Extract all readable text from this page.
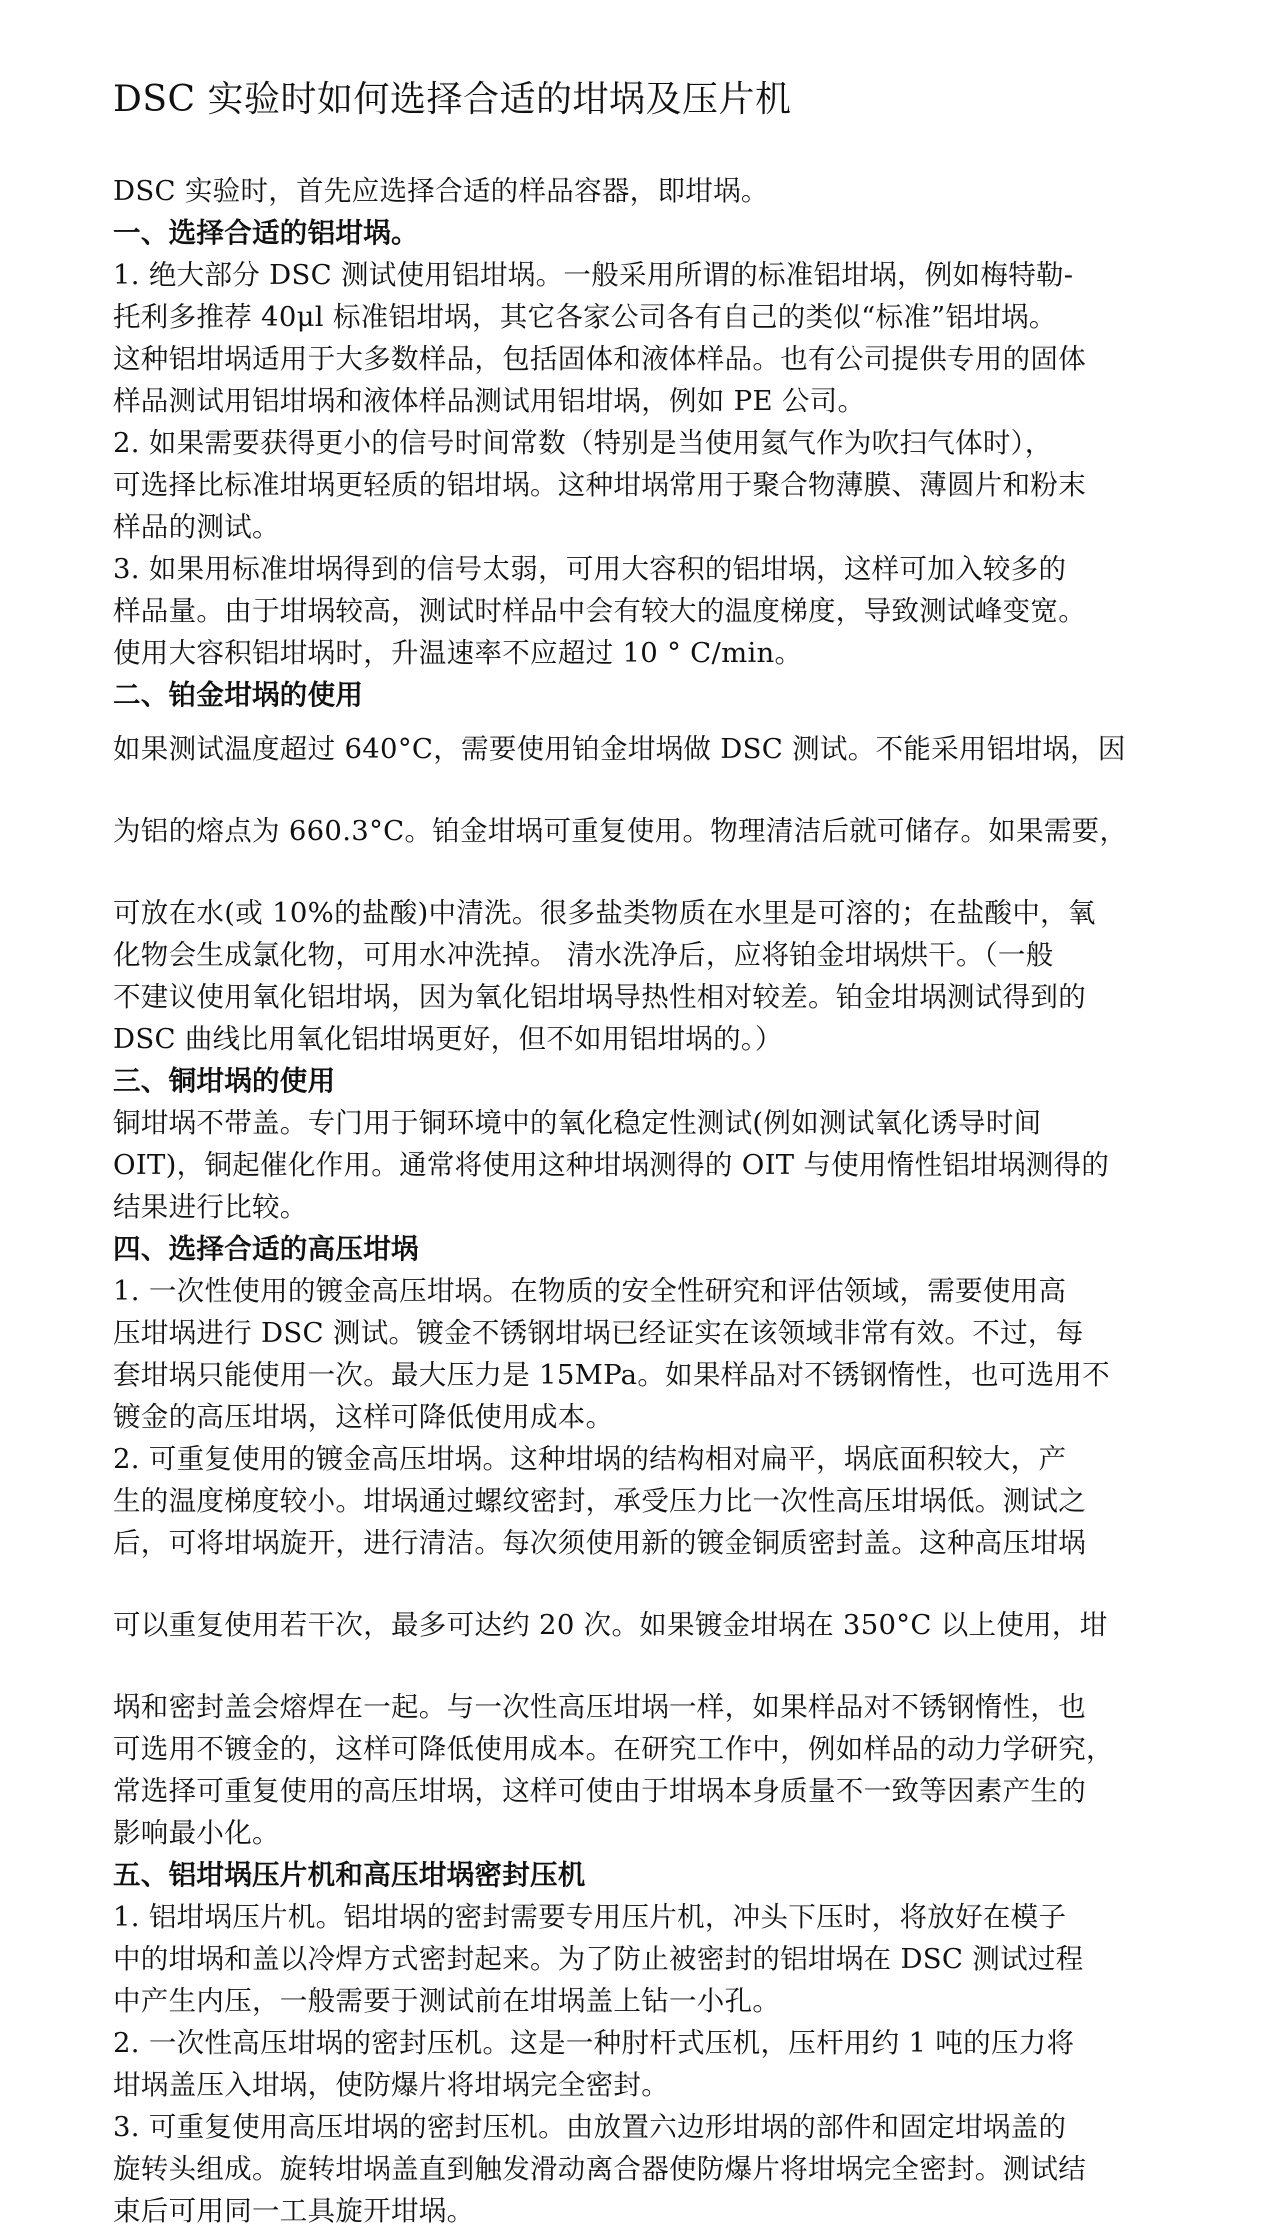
DSC 实验时如何选择合适的坩埚及压片机
DSC 实验时，首先应选择合适的样品容器，即坩埚。
一、选择合适的铝坩埚。
1. 绝大部分 DSC 测试使用铝坩埚。一般采用所谓的标准铝坩埚，例如梅特勒-
托利多推荐 40μl 标准铝坩埚，其它各家公司各有自己的类似“标准”铝坩埚。
这种铝坩埚适用于大多数样品，包括固体和液体样品。也有公司提供专用的固体
样品测试用铝坩埚和液体样品测试用铝坩埚，例如 PE 公司。
2. 如果需要获得更小的信号时间常数（特别是当使用氦气作为吹扫气体时），
可选择比标准坩埚更轻质的铝坩埚。这种坩埚常用于聚合物薄膜、薄圆片和粉末
样品的测试。
3. 如果用标准坩埚得到的信号太弱，可用大容积的铝坩埚，这样可加入较多的
样品量。由于坩埚较高，测试时样品中会有较大的温度梯度，导致测试峰变宽。
使用大容积铝坩埚时，升温速率不应超过 10 ° C/min。
二、铂金坩埚的使用
如果测试温度超过 640°C，需要使用铂金坩埚做 DSC 测试。不能采用铝坩埚，因
为铝的熔点为 660.3°C。铂金坩埚可重复使用。物理清洁后就可储存。如果需要，
可放在水(或 10%的盐酸)中清洗。很多盐类物质在水里是可溶的；在盐酸中，氧
化物会生成氯化物，可用水冲洗掉。 清水洗净后，应将铂金坩埚烘干。（一般
不建议使用氧化铝坩埚，因为氧化铝坩埚导热性相对较差。铂金坩埚测试得到的
DSC 曲线比用氧化铝坩埚更好，但不如用铝坩埚的。）
三、铜坩埚的使用
铜坩埚不带盖。专门用于铜环境中的氧化稳定性测试(例如测试氧化诱导时间
OIT)，铜起催化作用。通常将使用这种坩埚测得的 OIT 与使用惰性铝坩埚测得的
结果进行比较。
四、选择合适的高压坩埚
1. 一次性使用的镀金高压坩埚。在物质的安全性研究和评估领域，需要使用高
压坩埚进行 DSC 测试。镀金不锈钢坩埚已经证实在该领域非常有效。不过，每
套坩埚只能使用一次。最大压力是 15MPa。如果样品对不锈钢惰性，也可选用不
镀金的高压坩埚，这样可降低使用成本。
2. 可重复使用的镀金高压坩埚。这种坩埚的结构相对扁平，埚底面积较大，产
生的温度梯度较小。坩埚通过螺纹密封，承受压力比一次性高压坩埚低。测试之
后，可将坩埚旋开，进行清洁。每次须使用新的镀金铜质密封盖。这种高压坩埚
可以重复使用若干次，最多可达约 20 次。如果镀金坩埚在 350°C 以上使用，坩
埚和密封盖会熔焊在一起。与一次性高压坩埚一样，如果样品对不锈钢惰性，也
可选用不镀金的，这样可降低使用成本。在研究工作中，例如样品的动力学研究，
常选择可重复使用的高压坩埚，这样可使由于坩埚本身质量不一致等因素产生的
影响最小化。
五、铝坩埚压片机和高压坩埚密封压机
1. 铝坩埚压片机。铝坩埚的密封需要专用压片机，冲头下压时，将放好在模子
中的坩埚和盖以冷焊方式密封起来。为了防止被密封的铝坩埚在 DSC 测试过程
中产生内压，一般需要于测试前在坩埚盖上钻一小孔。
2. 一次性高压坩埚的密封压机。这是一种肘杆式压机，压杆用约 1 吨的压力将
坩埚盖压入坩埚，使防爆片将坩埚完全密封。
3. 可重复使用高压坩埚的密封压机。由放置六边形坩埚的部件和固定坩埚盖的
旋转头组成。旋转坩埚盖直到触发滑动离合器使防爆片将坩埚完全密封。测试结
束后可用同一工具旋开坩埚。
